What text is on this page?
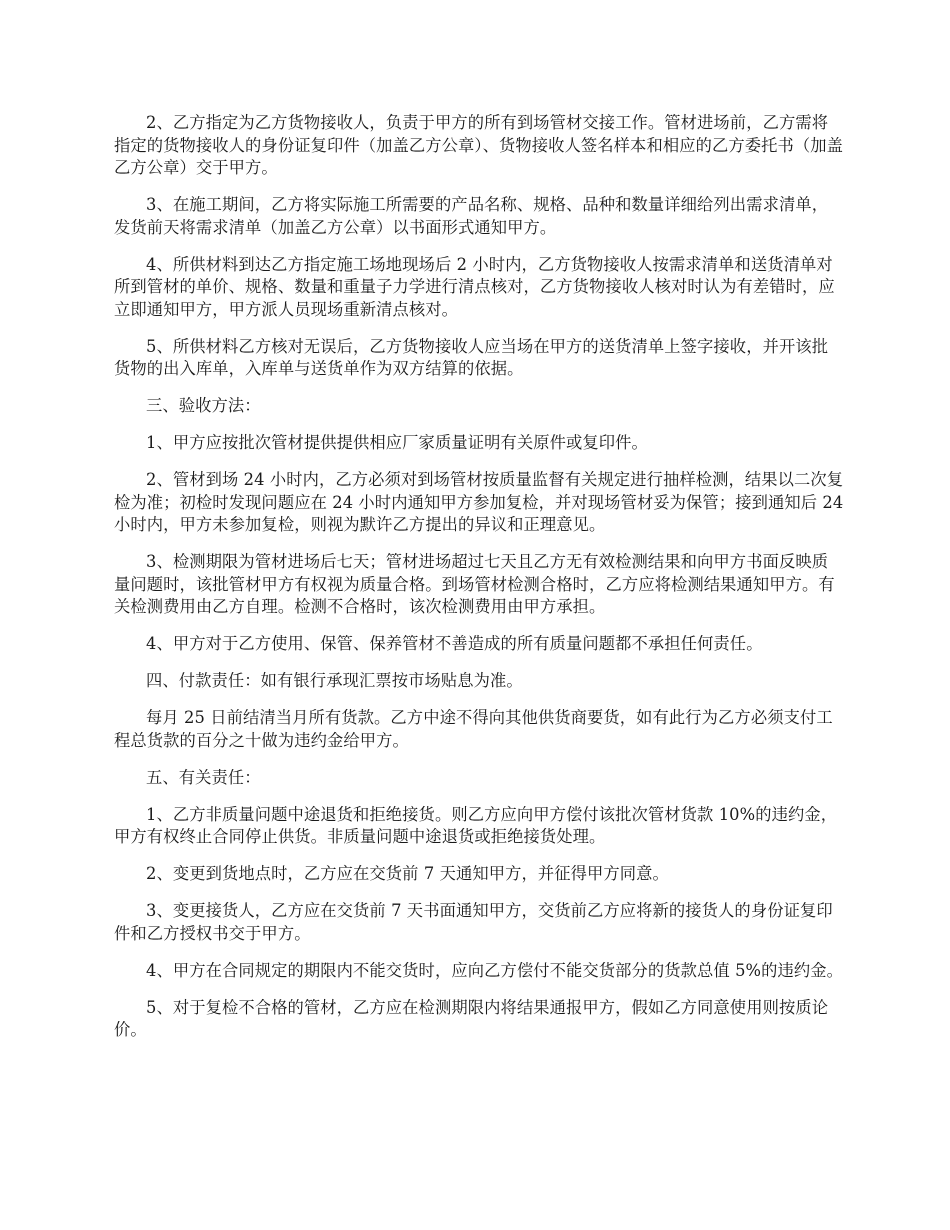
2、乙方指定为乙方货物接收人，负责于甲方的所有到场管材交接工作。管材进场前，乙方需将指定的货物接收人的身份证复印件（加盖乙方公章）、货物接收人签名样本和相应的乙方委托书（加盖乙方公章）交于甲方。

3、在施工期间，乙方将实际施工所需要的产品名称、规格、品种和数量详细给列出需求清单，发货前天将需求清单（加盖乙方公章）以书面形式通知甲方。

4、所供材料到达乙方指定施工场地现场后 2 小时内，乙方货物接收人按需求清单和送货清单对所到管材的单价、规格、数量和重量子力学进行清点核对，乙方货物接收人核对时认为有差错时，应立即通知甲方，甲方派人员现场重新清点核对。

5、所供材料乙方核对无误后，乙方货物接收人应当场在甲方的送货清单上签字接收，并开该批货物的出入库单，入库单与送货单作为双方结算的依据。

三、验收方法：

1、甲方应按批次管材提供提供相应厂家质量证明有关原件或复印件。

2、管材到场 24 小时内，乙方必须对到场管材按质量监督有关规定进行抽样检测，结果以二次复检为准；初检时发现问题应在 24 小时内通知甲方参加复检，并对现场管材妥为保管；接到通知后 24 小时内，甲方未参加复检，则视为默许乙方提出的异议和正理意见。

3、检测期限为管材进场后七天；管材进场超过七天且乙方无有效检测结果和向甲方书面反映质量问题时，该批管材甲方有权视为质量合格。到场管材检测合格时，乙方应将检测结果通知甲方。有关检测费用由乙方自理。检测不合格时，该次检测费用由甲方承担。

4、甲方对于乙方使用、保管、保养管材不善造成的所有质量问题都不承担任何责任。

四、付款责任：如有银行承现汇票按市场贴息为准。

每月 25 日前结清当月所有货款。乙方中途不得向其他供货商要货，如有此行为乙方必须支付工程总货款的百分之十做为违约金给甲方。

五、有关责任：

1、乙方非质量问题中途退货和拒绝接货。则乙方应向甲方偿付该批次管材货款 10%的违约金，甲方有权终止合同停止供货。非质量问题中途退货或拒绝接货处理。

2、变更到货地点时，乙方应在交货前 7 天通知甲方，并征得甲方同意。

3、变更接货人，乙方应在交货前 7 天书面通知甲方，交货前乙方应将新的接货人的身份证复印件和乙方授权书交于甲方。

4、甲方在合同规定的期限内不能交货时，应向乙方偿付不能交货部分的货款总值 5%的违约金。

5、对于复检不合格的管材，乙方应在检测期限内将结果通报甲方，假如乙方同意使用则按质论价。
